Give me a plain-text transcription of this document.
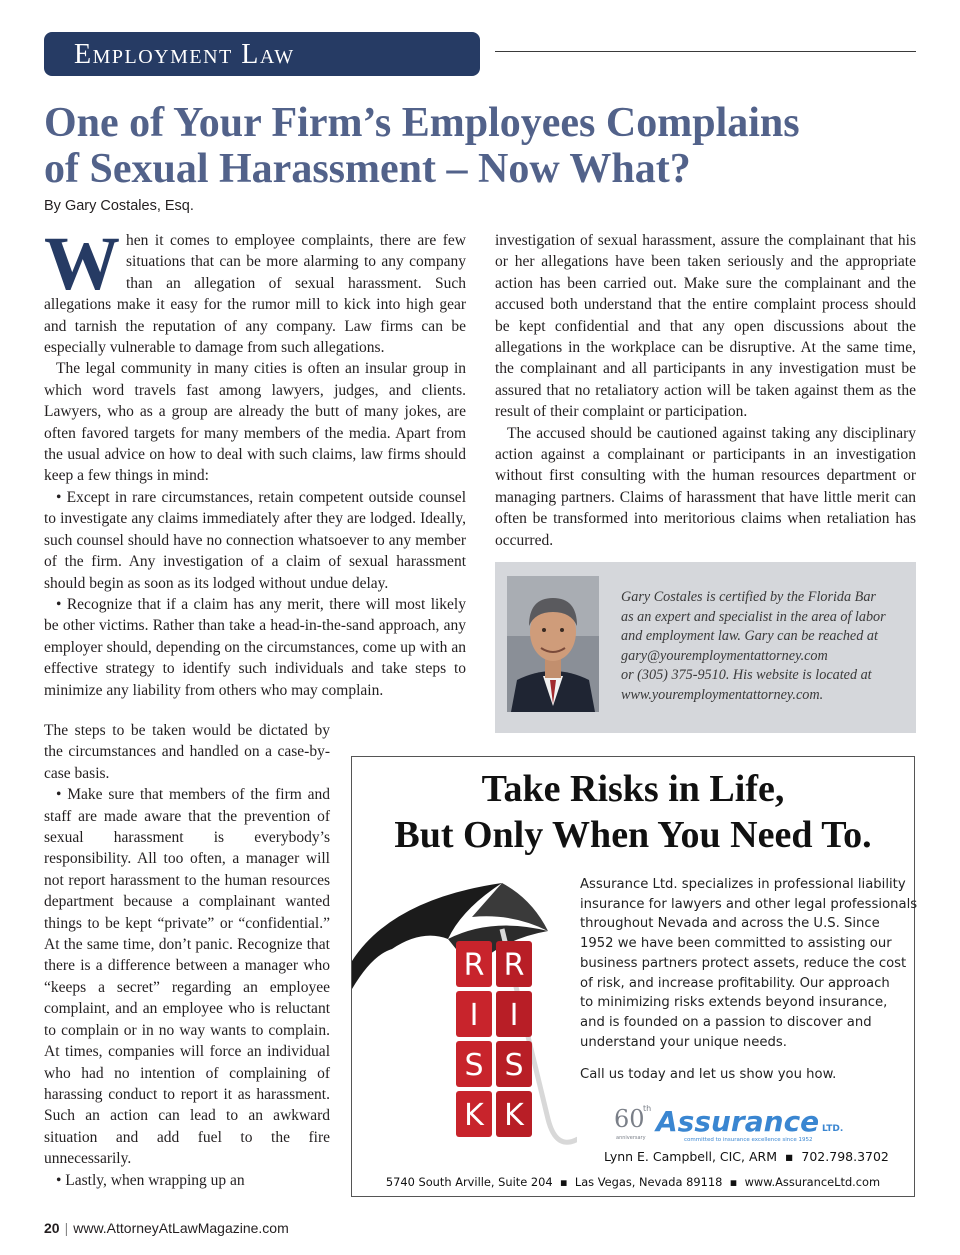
Employment Law
One of Your Firm’s Employees Complains
of Sexual Harassment – Now What?

By Gary Costales, Esq.

When it comes to employee complaints, there are few situations that can be more alarming to any company than an allegation of sexual harassment. Such allegations make it easy for the rumor mill to kick into high gear and tarnish the reputation of any company. Law firms can be especially vulnerable to damage from such allegations.

The legal community in many cities is often an insular group in which word travels fast among lawyers, judges, and clients. Lawyers, who as a group are already the butt of many jokes, are often favored targets for many members of the media. Apart from the usual advice on how to deal with such claims, law firms should keep a few things in mind:

• Except in rare circumstances, retain competent outside counsel to investigate any claims immediately after they are lodged. Ideally, such counsel should have no connection whatsoever to any member of the firm. Any investigation of a claim of sexual harassment should begin as soon as its lodged without undue delay.

• Recognize that if a claim has any merit, there will most likely be other victims. Rather than take a head-in-the-sand approach, any employer should, depending on the circumstances, come up with an effective strategy to identify such individuals and take steps to minimize any liability from others who may complain.

The steps to be taken would be dictated by the circumstances and handled on a case-by-case basis.

• Make sure that members of the firm and staff are made aware that the prevention of sexual harassment is everybody’s responsibility. All too often, a manager will not report harassment to the human resources department because a complainant wanted things to be kept “private” or “confidential.” At the same time, don’t panic. Recognize that there is a difference between a manager who “keeps a secret” regarding an employee complaint, and an employee who is reluctant to complain or in no way wants to complain. At times, companies will force an individual who had no intention of complaining of harassing conduct to report it as harassment. Such an action can lead to an awkward situation and add fuel to the fire unnecessarily.

• Lastly, when wrapping up an

investigation of sexual harassment, assure the complainant that his or her allegations have been taken seriously and the appropriate action has been carried out. Make sure the complainant and the accused both understand that the entire complaint process should be kept confidential and that any open discussions about the allegations in the workplace can be disruptive. At the same time, the complainant and all participants in any investigation must be assured that no retaliatory action will be taken against them as the result of their complaint or participation.

The accused should be cautioned against taking any disciplinary action against a complainant or participants in an investigation without first consulting with the human resources department or managing partners. Claims of harassment that have little merit can often be transformed into meritorious claims when retaliation has occurred.

Gary Costales is certified by the Florida Bar
as an expert and specialist in the area of labor
and employment law. Gary can be reached at
gary@youremploymentattorney.com
or (305) 375-9510. His website is located at
www.youremploymentattorney.com.
Take Risks in Life,
But Only When You Need To.
R
I
S
K
R
I
S
K
Assurance Ltd. specializes in professional liability
insurance for lawyers and other legal professionals
throughout Nevada and across the U.S. Since
1952 we have been committed to assisting our
business partners protect assets, reduce the cost
of risk, and increase profitability. Our approach
to minimizing risks extends beyond insurance,
and is founded on a passion to discover and
understand your unique needs.
Call us today and let us show you how.
60
th
anniversary Assurance LTD.
committed to insurance excellence since 1952
Lynn E. Campbell, CIC, ARM ▪ 702.798.3702
5740 South Arville, Suite 204 ▪ Las Vegas, Nevada 89118 ▪ www.AssuranceLtd.com
20 | www.AttorneyAtLawMagazine.com
